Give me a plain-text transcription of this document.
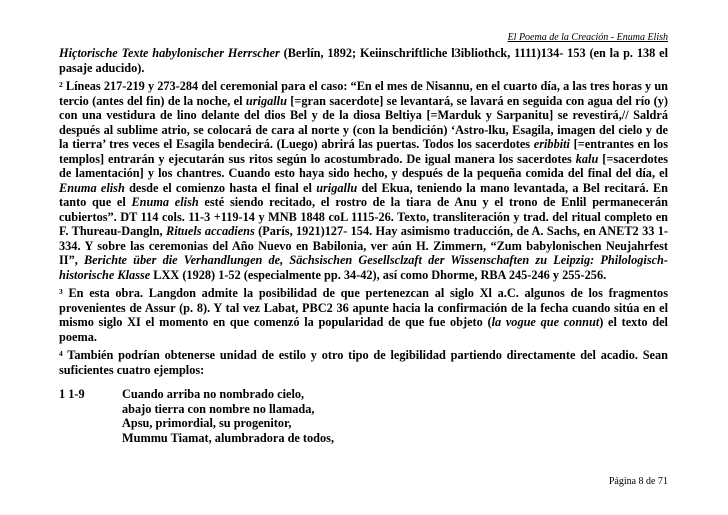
El Poema de la Creación - Enuma Elish

Hiçtorische Texte habylonischer Herrscher (Berlín, 1892; Keiinschriftliche l3ibliothck, 1111)134- 153 (en la p. 138 el pasaje aducido).

$^2$ Líneas 217-219 y 273-284 del ceremonial para el caso: “En el mes de Nisannu, en el cuarto día, a las tres horas y un tercio (antes del fin) de la noche, el urigallu [=gran sacerdote] se levantará, se lavará en seguida con agua del río (y) con una vestidura de lino delante del dios Bel y de la diosa Beltiya [=Marduk y Sarpanitu] se revestirá,// Saldrá después al sublime atrio, se colocará de cara al norte y (con la bendición) ‘Astro-lku, Esagila, imagen del cielo y de la tierra’ tres veces el Esagila bendecirá. (Luego) abrirá las puertas. Todos los sacerdotes eribbiti [=entrantes en los templos] entrarán y ejecutarán sus ritos según lo acostumbrado. De igual manera los sacerdotes kalu [=sacerdotes de lamentación] y los chantres. Cuando esto haya sido hecho, y después de la pequeña comida del final del día, el Enuma elish desde el comienzo hasta el final el urigallu del Ekua, teniendo la mano levantada, a Bel recitará. En tanto que el Enuma elish esté siendo recitado, el rostro de la tiara de Anu y el trono de Enlil permanecerán cubiertos”. DT 114 cols. 11-3 +119-14 y MNB 1848 coL 1115-26. Texto, transliteración y trad. del ritual completo en F. Thureau-Dangln, Rituels accadiens (París, 1921)127- 154. Hay asimismo traducción, de A. Sachs, en ANET2 33 1-334. Y sobre las ceremonias del Año Nuevo en Babilonia, ver aún H. Zimmern, “Zum babylonischen Neujahrfest II”, Berichte über die Verhandlungen de, Sächsischen Gesellsclzaft der Wissenschaften zu Leipzig: Philologisch-historische Klasse LXX (1928) 1-52 (especialmente pp. 34-42), así como Dhorme, RBA 245-246 y 255-256.

$^3$ En esta obra. Langdon admite la posibilidad de que pertenezcan al siglo Xl a.C. algunos de los fragmentos provenientes de Assur (p. 8). Y tal vez Labat, PBC2 36 apunte hacia la confirmación de la fecha cuando sitúa en el mismo siglo XI el momento en que comenzó la popularidad de que fue objeto (la vogue que connut) el texto del poema.

$^4$ También podrían obtenerse unidad de estilo y otro tipo de legibilidad partiendo directamente del acadio. Sean suficientes cuatro ejemplos:

1 1-9	Cuando arriba no nombrado cielo,
abajo tierra con nombre no llamada,
Apsu, primordial, su progenitor,
Mummu Tiamat, alumbradora de todos,
Página 8 de 71
